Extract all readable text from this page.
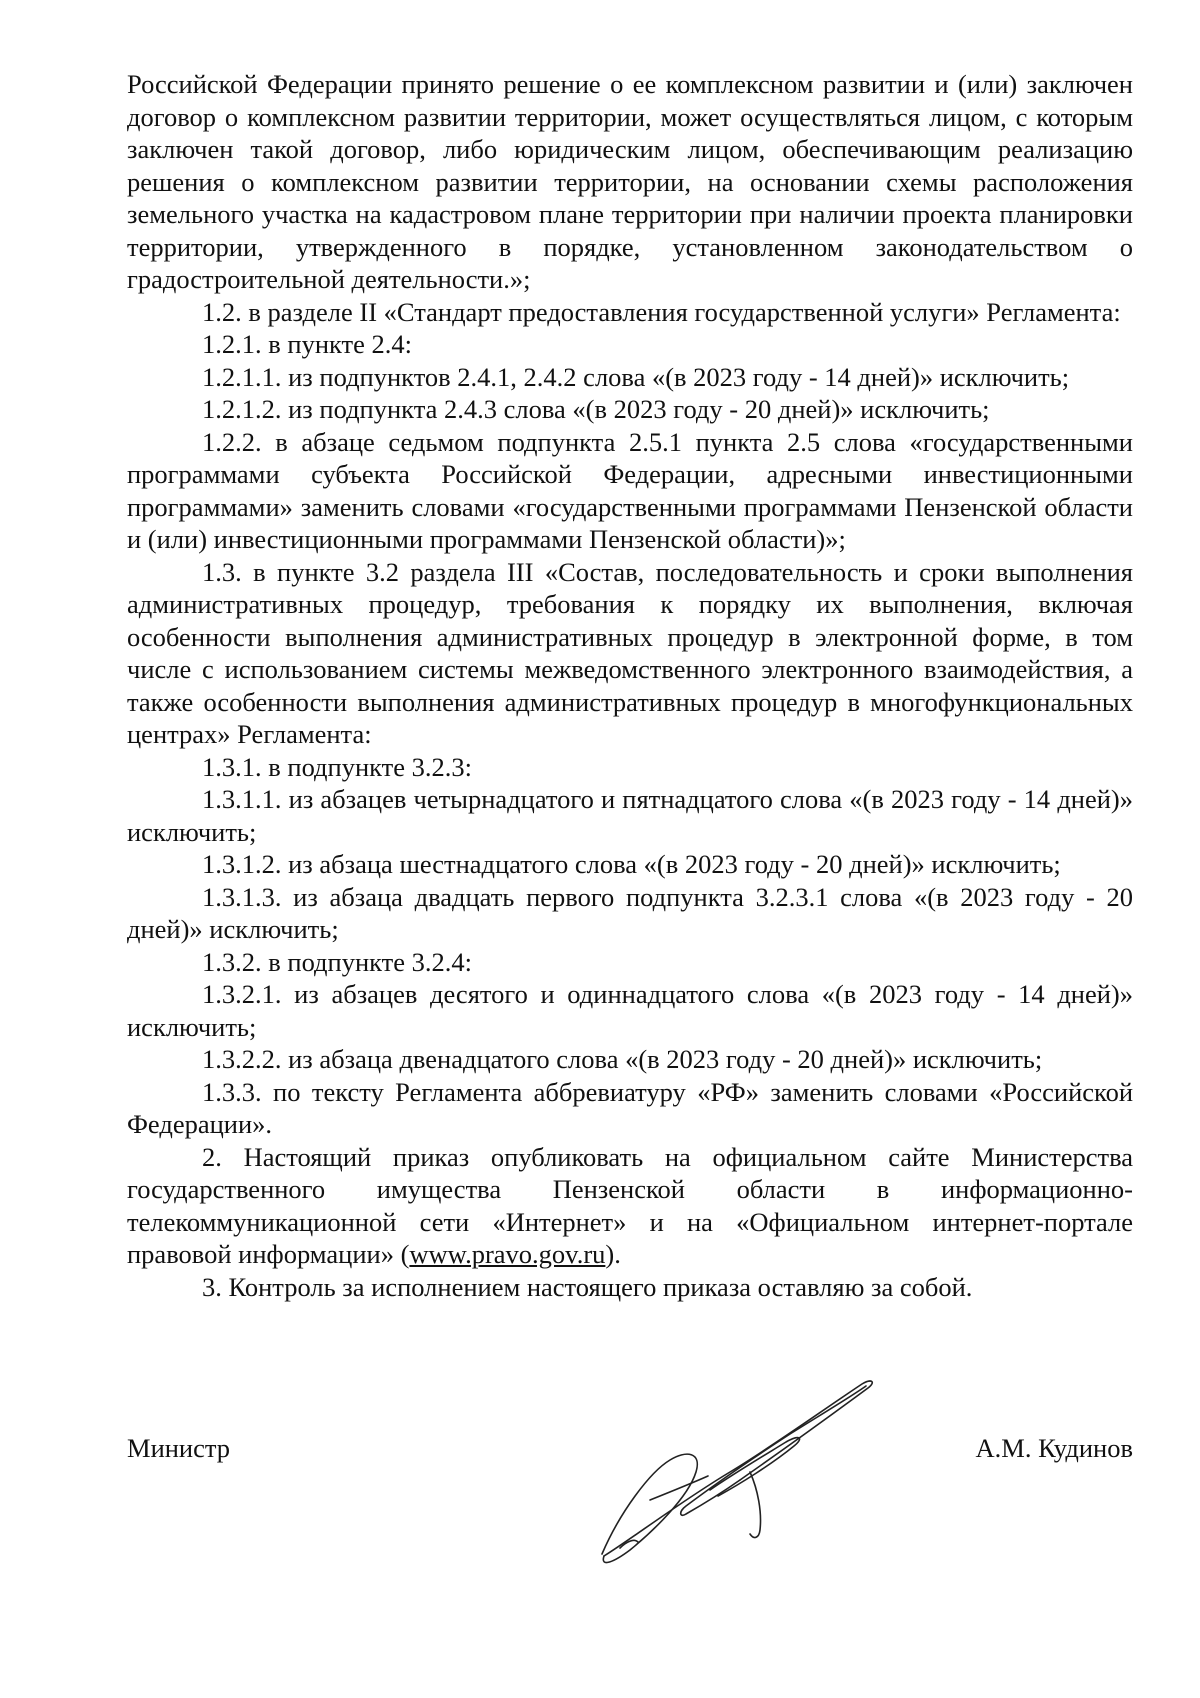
Российской Федерации принято решение о ее комплексном развитии и (или) заключен договор о комплексном развитии территории, может осуществляться лицом, с которым заключен такой договор, либо юридическим лицом, обеспечивающим реализацию решения о комплексном развитии территории, на основании схемы расположения земельного участка на кадастровом плане территории при наличии проекта планировки территории, утвержденного в порядке, установленном законодательством о градостроительной деятельности.»;

1.2. в разделе II «Стандарт предоставления государственной услуги» Регламента:

1.2.1. в пункте 2.4:

1.2.1.1. из подпунктов 2.4.1, 2.4.2 слова «(в 2023 году - 14 дней)» исключить;

1.2.1.2. из подпункта 2.4.3 слова «(в 2023 году - 20 дней)» исключить;

1.2.2. в абзаце седьмом подпункта 2.5.1 пункта 2.5 слова «государственными программами субъекта Российской Федерации, адресными инвестиционными программами» заменить словами «государственными программами Пензенской области и (или) инвестиционными программами Пензенской области)»;

1.3. в пункте 3.2 раздела III «Состав, последовательность и сроки выполнения административных процедур, требования к порядку их выполнения, включая особенности выполнения административных процедур в электронной форме, в том числе с использованием системы межведомственного электронного взаимодействия, а также особенности выполнения административных процедур в многофункциональных центрах» Регламента:

1.3.1. в подпункте 3.2.3:

1.3.1.1. из абзацев четырнадцатого и пятнадцатого слова «(в 2023 году - 14 дней)» исключить;

1.3.1.2. из абзаца шестнадцатого слова «(в 2023 году - 20 дней)» исключить;

1.3.1.3. из абзаца двадцать первого подпункта 3.2.3.1 слова «(в 2023 году - 20 дней)» исключить;

1.3.2. в подпункте 3.2.4:

1.3.2.1. из абзацев десятого и одиннадцатого слова «(в 2023 году - 14 дней)» исключить;

1.3.2.2. из абзаца двенадцатого слова «(в 2023 году - 20 дней)» исключить;

1.3.3. по тексту Регламента аббревиатуру «РФ» заменить словами «Российской Федерации».

2. Настоящий приказ опубликовать на официальном сайте Министерства государственного имущества Пензенской области в информационно-телекоммуникационной сети «Интернет» и на «Официальном интернет-портале правовой информации» (www.pravo.gov.ru).

3. Контроль за исполнением настоящего приказа оставляю за собой.

Министр	А.М. Кудинов
